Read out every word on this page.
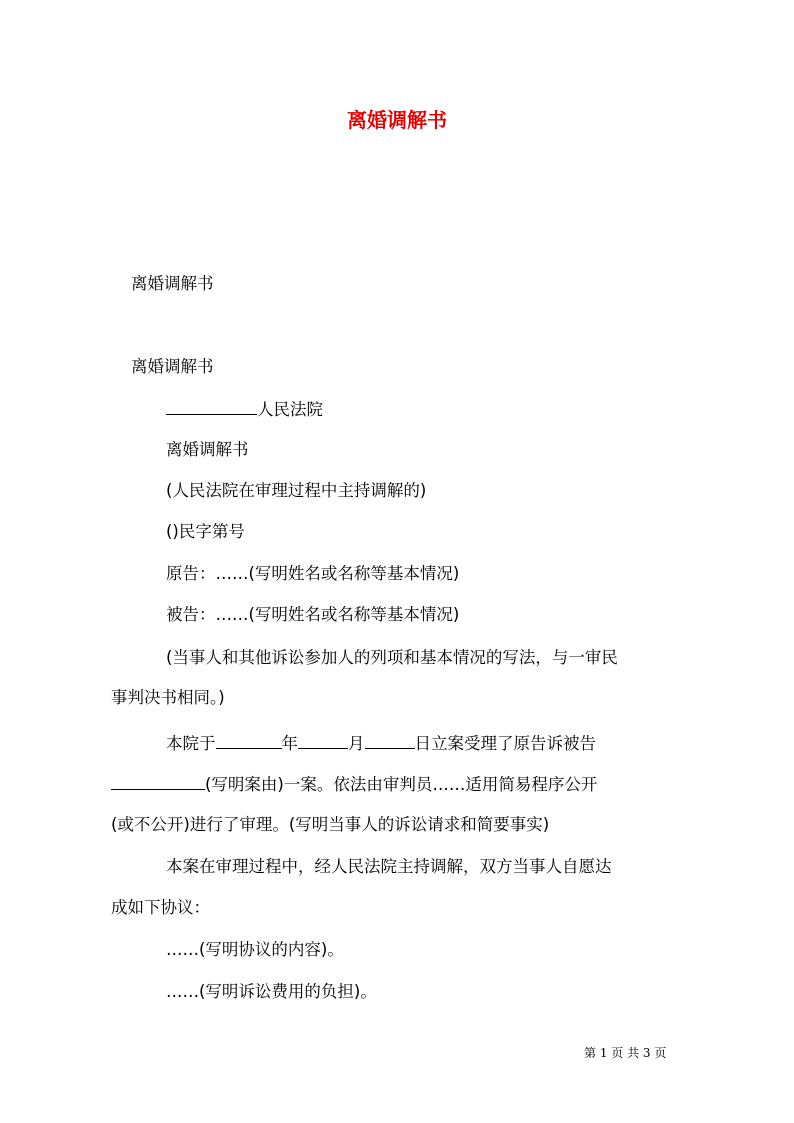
离婚调解书
离婚调解书
离婚调解书
人民法院
离婚调解书
(人民法院在审理过程中主持调解的)
()民字第号
原告：……(写明姓名或名称等基本情况)
被告：……(写明姓名或名称等基本情况)
(当事人和其他诉讼参加人的列项和基本情况的写法，与一审民
事判决书相同。)
本院于	年	月	日立案受理了原告诉被告
(写明案由)一案。依法由审判员……适用简易程序公开
(或不公开)进行了审理。(写明当事人的诉讼请求和简要事实)
本案在审理过程中，经人民法院主持调解，双方当事人自愿达
成如下协议：
……(写明协议的内容)。
……(写明诉讼费用的负担)。
第 1 页 共 3 页
